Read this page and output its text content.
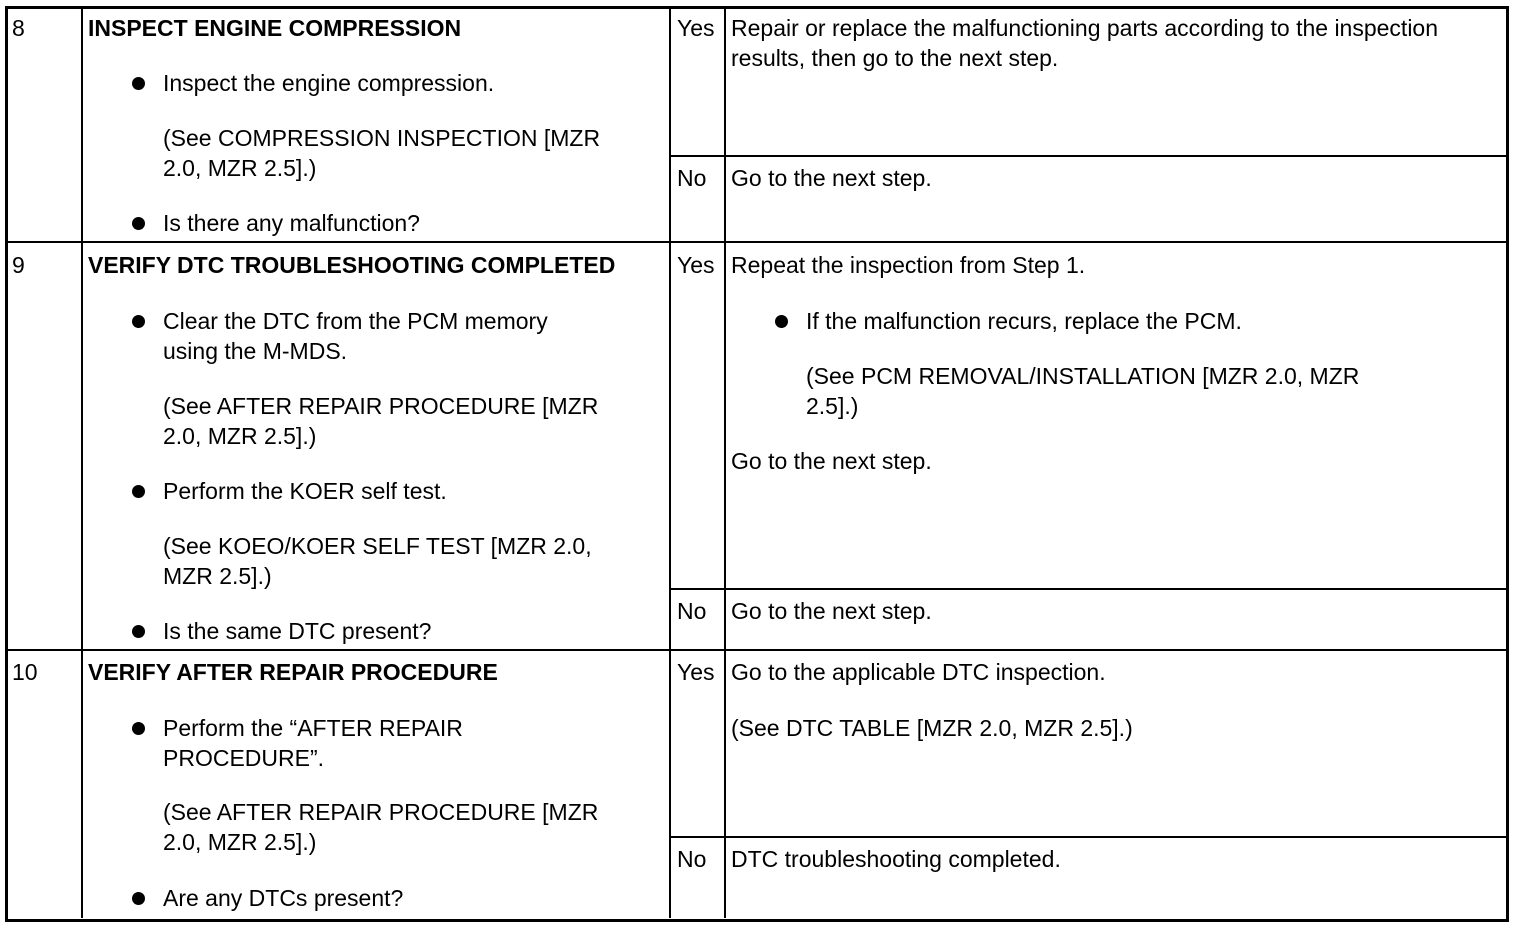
8	INSPECT ENGINE COMPRESSION
Inspect the engine compression.
(See COMPRESSION INSPECTION [MZR
2.0, MZR 2.5].)
Is there any malfunction?
Yes Repair or replace the malfunctioning parts according to the inspection
results, then go to the next step.
No Go to the next step.
9	VERIFY DTC TROUBLESHOOTING COMPLETED
Clear the DTC from the PCM memory
using the M-MDS.
(See AFTER REPAIR PROCEDURE [MZR
2.0, MZR 2.5].)
Perform the KOER self test.
(See KOEO/KOER SELF TEST [MZR 2.0,
MZR 2.5].)
Is the same DTC present?
Yes Repeat the inspection from Step 1.
If the malfunction recurs, replace the PCM.
(See PCM REMOVAL/INSTALLATION [MZR 2.0, MZR
2.5].)
Go to the next step.
No Go to the next step.
10 VERIFY AFTER REPAIR PROCEDURE
Perform the “AFTER REPAIR
PROCEDURE”.
(See AFTER REPAIR PROCEDURE [MZR
2.0, MZR 2.5].)
Are any DTCs present?
Yes Go to the applicable DTC inspection.
(See DTC TABLE [MZR 2.0, MZR 2.5].)
No DTC troubleshooting completed.
